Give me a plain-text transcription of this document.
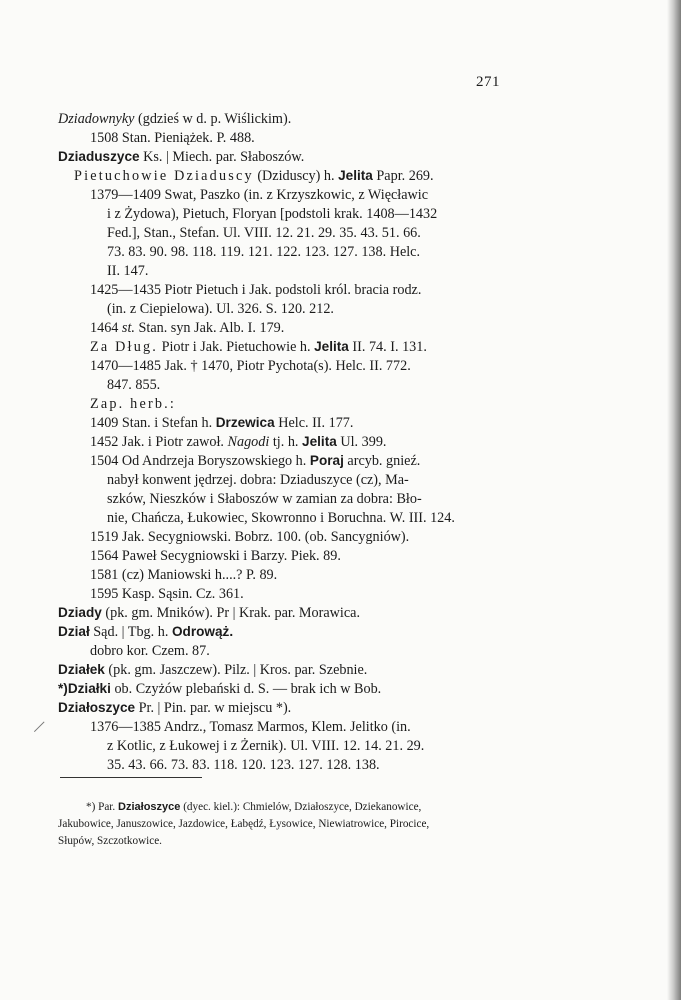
271
Dziadownyky (gdzieś w d. p. Wiślickim).
1508 Stan. Pieniążek. P. 488.
Dziaduszyce Ks. | Miech. par. Słaboszów.
Pietuchowie Dziaduscy (Dziduscy) h. Jelita Papr. 269.
1379—1409 Swat, Paszko (in. z Krzyszkowic, z Więcławic
i z Żydowa), Pietuch, Floryan [podstoli krak. 1408—1432
Fed.], Stan., Stefan. Ul. VIII. 12. 21. 29. 35. 43. 51. 66.
73. 83. 90. 98. 118. 119. 121. 122. 123. 127. 138. Helc.
II. 147.
1425—1435 Piotr Pietuch i Jak. podstoli król. bracia rodz.
(in. z Ciepielowa). Ul. 326. S. 120. 212.
1464 st. Stan. syn Jak. Alb. I. 179.
Za Dług. Piotr i Jak. Pietuchowie h. Jelita II. 74. I. 131.
1470—1485 Jak. † 1470, Piotr Pychota(s). Helc. II. 772.
847. 855.
Zap. herb.:
1409 Stan. i Stefan h. Drzewica Helc. II. 177.
1452 Jak. i Piotr zawoł. Nagodi tj. h. Jelita Ul. 399.
1504 Od Andrzeja Boryszowskiego h. Poraj arcyb. gnieź.
nabył konwent jędrzej. dobra: Dziaduszyce (cz), Ma-
szków, Nieszków i Słaboszów w zamian za dobra: Bło-
nie, Chańcza, Łukowiec, Skowronno i Boruchna. W. III. 124.
1519 Jak. Secygniowski. Bobrz. 100. (ob. Sancygniów).
1564 Paweł Secygniowski i Barzy. Piek. 89.
1581 (cz) Maniowski h....? P. 89.
1595 Kasp. Sąsin. Cz. 361.
Dziady (pk. gm. Mników). Pr | Krak. par. Morawica.
Dział Sąd. | Tbg. h. Odrowąż.
dobro kor. Czem. 87.
Działek (pk. gm. Jaszczew). Pilz. | Kros. par. Szebnie.
*)Działki ob. Czyżów plebański d. S. — brak ich w Bob.
Działoszyce Pr. | Pin. par. w miejscu *).
1376—1385 Andrz., Tomasz Marmos, Klem. Jelitko (in.
z Kotlic, z Łukowej i z Żernik). Ul. VIII. 12. 14. 21. 29.
35. 43. 66. 73. 83. 118. 120. 123. 127. 128. 138.
*) Par. Działoszyce (dyec. kiel.): Chmielów, Działoszyce, Dziekanowice,
Jakubowice, Januszowice, Jazdowice, Łabędź, Łysowice, Niewiatrowice, Pirocice,
Słupów, Szczotkowice.
